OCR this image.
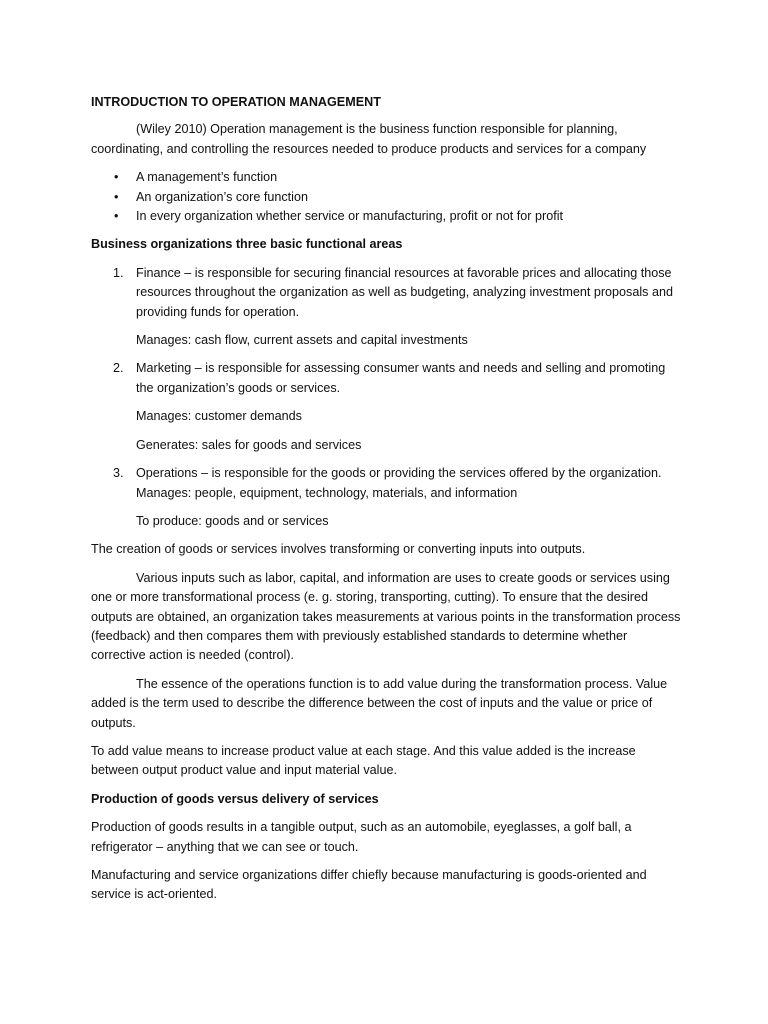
INTRODUCTION TO OPERATION MANAGEMENT

(Wiley 2010) Operation management is the business function responsible for planning, coordinating, and controlling the resources needed to produce products and services for a company

• A management’s function
• An organization’s core function
• In every organization whether service or manufacturing, profit or not for profit

Business organizations three basic functional areas

1. Finance – is responsible for securing financial resources at favorable prices and allocating those resources throughout the organization as well as budgeting, analyzing investment proposals and providing funds for operation.

Manages: cash flow, current assets and capital investments

2. Marketing – is responsible for assessing consumer wants and needs and selling and promoting the organization’s goods or services.

Manages: customer demands

Generates: sales for goods and services

3. Operations – is responsible for the goods or providing the services offered by the organization.
Manages: people, equipment, technology, materials, and information

To produce: goods and or services

The creation of goods or services involves transforming or converting inputs into outputs.

Various inputs such as labor, capital, and information are uses to create goods or services using one or more transformational process (e. g. storing, transporting, cutting). To ensure that the desired outputs are obtained, an organization takes measurements at various points in the transformation process (feedback) and then compares them with previously established standards to determine whether corrective action is needed (control).

The essence of the operations function is to add value during the transformation process. Value added is the term used to describe the difference between the cost of inputs and the value or price of outputs.

To add value means to increase product value at each stage. And this value added is the increase between output product value and input material value.

Production of goods versus delivery of services

Production of goods results in a tangible output, such as an automobile, eyeglasses, a golf ball, a refrigerator – anything that we can see or touch.

Manufacturing and service organizations differ chiefly because manufacturing is goods-oriented and service is act-oriented.
